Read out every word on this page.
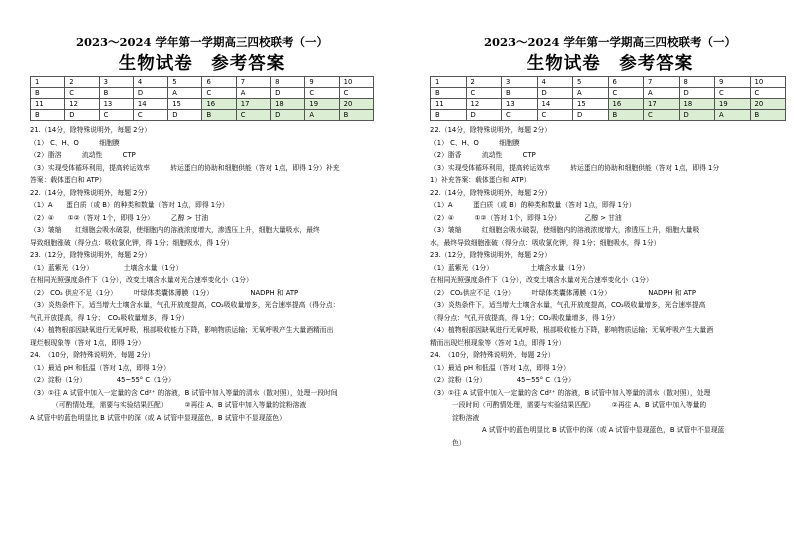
2023～2024 学年第一学期高三四校联考（一）
生物试卷　参考答案
1	2	3	4	5	6	7	8	9	10
B	C	B	D	A	C	A	D	C	C
11	12	13	14	15	16	17	18	19	20
B	D	C	C	D	B	C	D	A	B
21.（14分，除特殊说明外，每题 2分）
（1） C、H、O　　　细胞膜
（2）脂溶　　　流动性　　　CTP
（3）实现受体循环利用，提高转运效率　　　转运蛋白的协助和细胞供能（答对 1点，即得 1分）补充
答案：载体蛋白和 ATP）
22.（14分，除特殊说明外，每题 2分）
（1）A　　蛋白质（或 B）的种类和数量（答对 1点，即得 1分）
（2）④　　①②（答对 1个，即得 1分）　　　乙醇 > 甘油
（3）皱缩　　红细胞会吸水破裂，使细胞内的溶液浓度增大，渗透压上升，细胞大量吸水，最终
导致细胞涨破（得分点：吸收氯化钾，得 1分；细胞吸水，得 1分）
23.（12分，除特殊说明外，每题 2分）
（1）蓝紫光（1分）　　　　　土壤含水量（1分）
在相同光照强度条件下（1分），改变土壤含水量对光合速率变化小（1分）
（2） CO₂ 供应不足（1分）　　　叶绿体类囊体薄膜（1分）　　　　　　NADPH 和 ATP
（3）炎热条件下，适当增大土壤含水量，气孔开放度提高，CO₂吸收量增多，光合速率提高（得分点：
气孔开放提高，得 1分；　CO₂吸收量增多，得 1分）
（4）植物根部因缺氧进行无氧呼吸，根部吸收能力下降，影响物质运输；无氧呼吸产生大量酒精而出
现烂根现象等（答对 1点，即得 1分）
24.　（10分，除特殊说明外，每题 2分）
（1）最适 pH 和低温（答对 1点，即得 1分）
（2）淀粉（1分）　　　　　45~55° C（1分）
（3）①往 A 试管中加入一定量的含 Cd²⁺ 的溶液，B 试管中加入等量的清水（散对照），处理一段时间
（可酌情处理，需要与实验结果匹配）　　　②再往 A、B 试管中加入等量的淀粉溶液
A 试管中的蓝色明显比 B 试管中的深（或 A 试管中显现蓝色，B 试管中不显现蓝色）
2023～2024 学年第一学期高三四校联考（一）
生物试卷　参考答案
1	2	3	4	5	6	7	8	9	10
B	C	B	D	A	C	A	D	C	C
11	12	13	14	15	16	17	18	19	20
B	D	C	C	D	B	C	D	A	B
22.（14分，除特殊说明外，每题 2分）
（1） C、H、O　　　细胞膜
（2）脂香　　　流动性　　　CTP
（3）实现受体循环利用，提高转运效率　　　转运蛋白的协助和细胞供能（答对 1点，即得 1分
1）补充答案：载体蛋白和 ATP）
22.（14分，除特殊说明外，每题 2分）
（1）A　　　蛋白质（或 B）的种类和数量（答对 1点，即得 1分）
（2）④　　　①②（答对 1个，即得 1分）　　　　乙醇 > 甘油
（3）皱缩　　　红细胞会吸水破裂，使细胞内的溶液浓度增大，渗透压上升，细胞大量吸
水，最终导致细胞涨破（得分点：吸收氯化钾，得 1分；细胞吸水，得 1分）
23.（12分，除特殊说明外，每题 2分）
（1）蓝紫光（1分）　　　　　　土壤含水量（1分）
在相同光照强度条件下（1分），改变土壤含水量对光合速率变化小（1分）
（2） CO₂供应不足（1分）　　　叶绿体类囊体薄膜（1分）　　　　　　NADPH 和 ATP
（3）炎热条件下，适当增大土壤含水量，气孔开放度提高，CO₂吸收量增多，光合速率提高
（得分点：气孔开放提高，得 1分；CO₂吸收量增多，得 1分）
（4）植物根部因缺氧进行无氧呼吸，根部吸收能力下降，影响物质运输；无氧呼吸产生大量酒
精而出现烂根现象等（答对 1点，即得 1分）
24.　（10分，除特殊说明外，每题 2分）
（1）最适 pH 和低温（答对 1点，即得 1分）
（2）淀粉（1分）　　　　　45~55° C（1分）
（3）①往 A 试管中加入一定量的含 Cd²⁺ 的溶液，B 试管中加入等量的清水（散对照），处理
一段时间（可酌情处理，需要与实验结果匹配）　　　②再往 A、B 试管中加入等量的
淀粉溶液
A 试管中的蓝色明显比 B 试管中的深（或 A 试管中显现蓝色，B 试管中不显现蓝
色）
